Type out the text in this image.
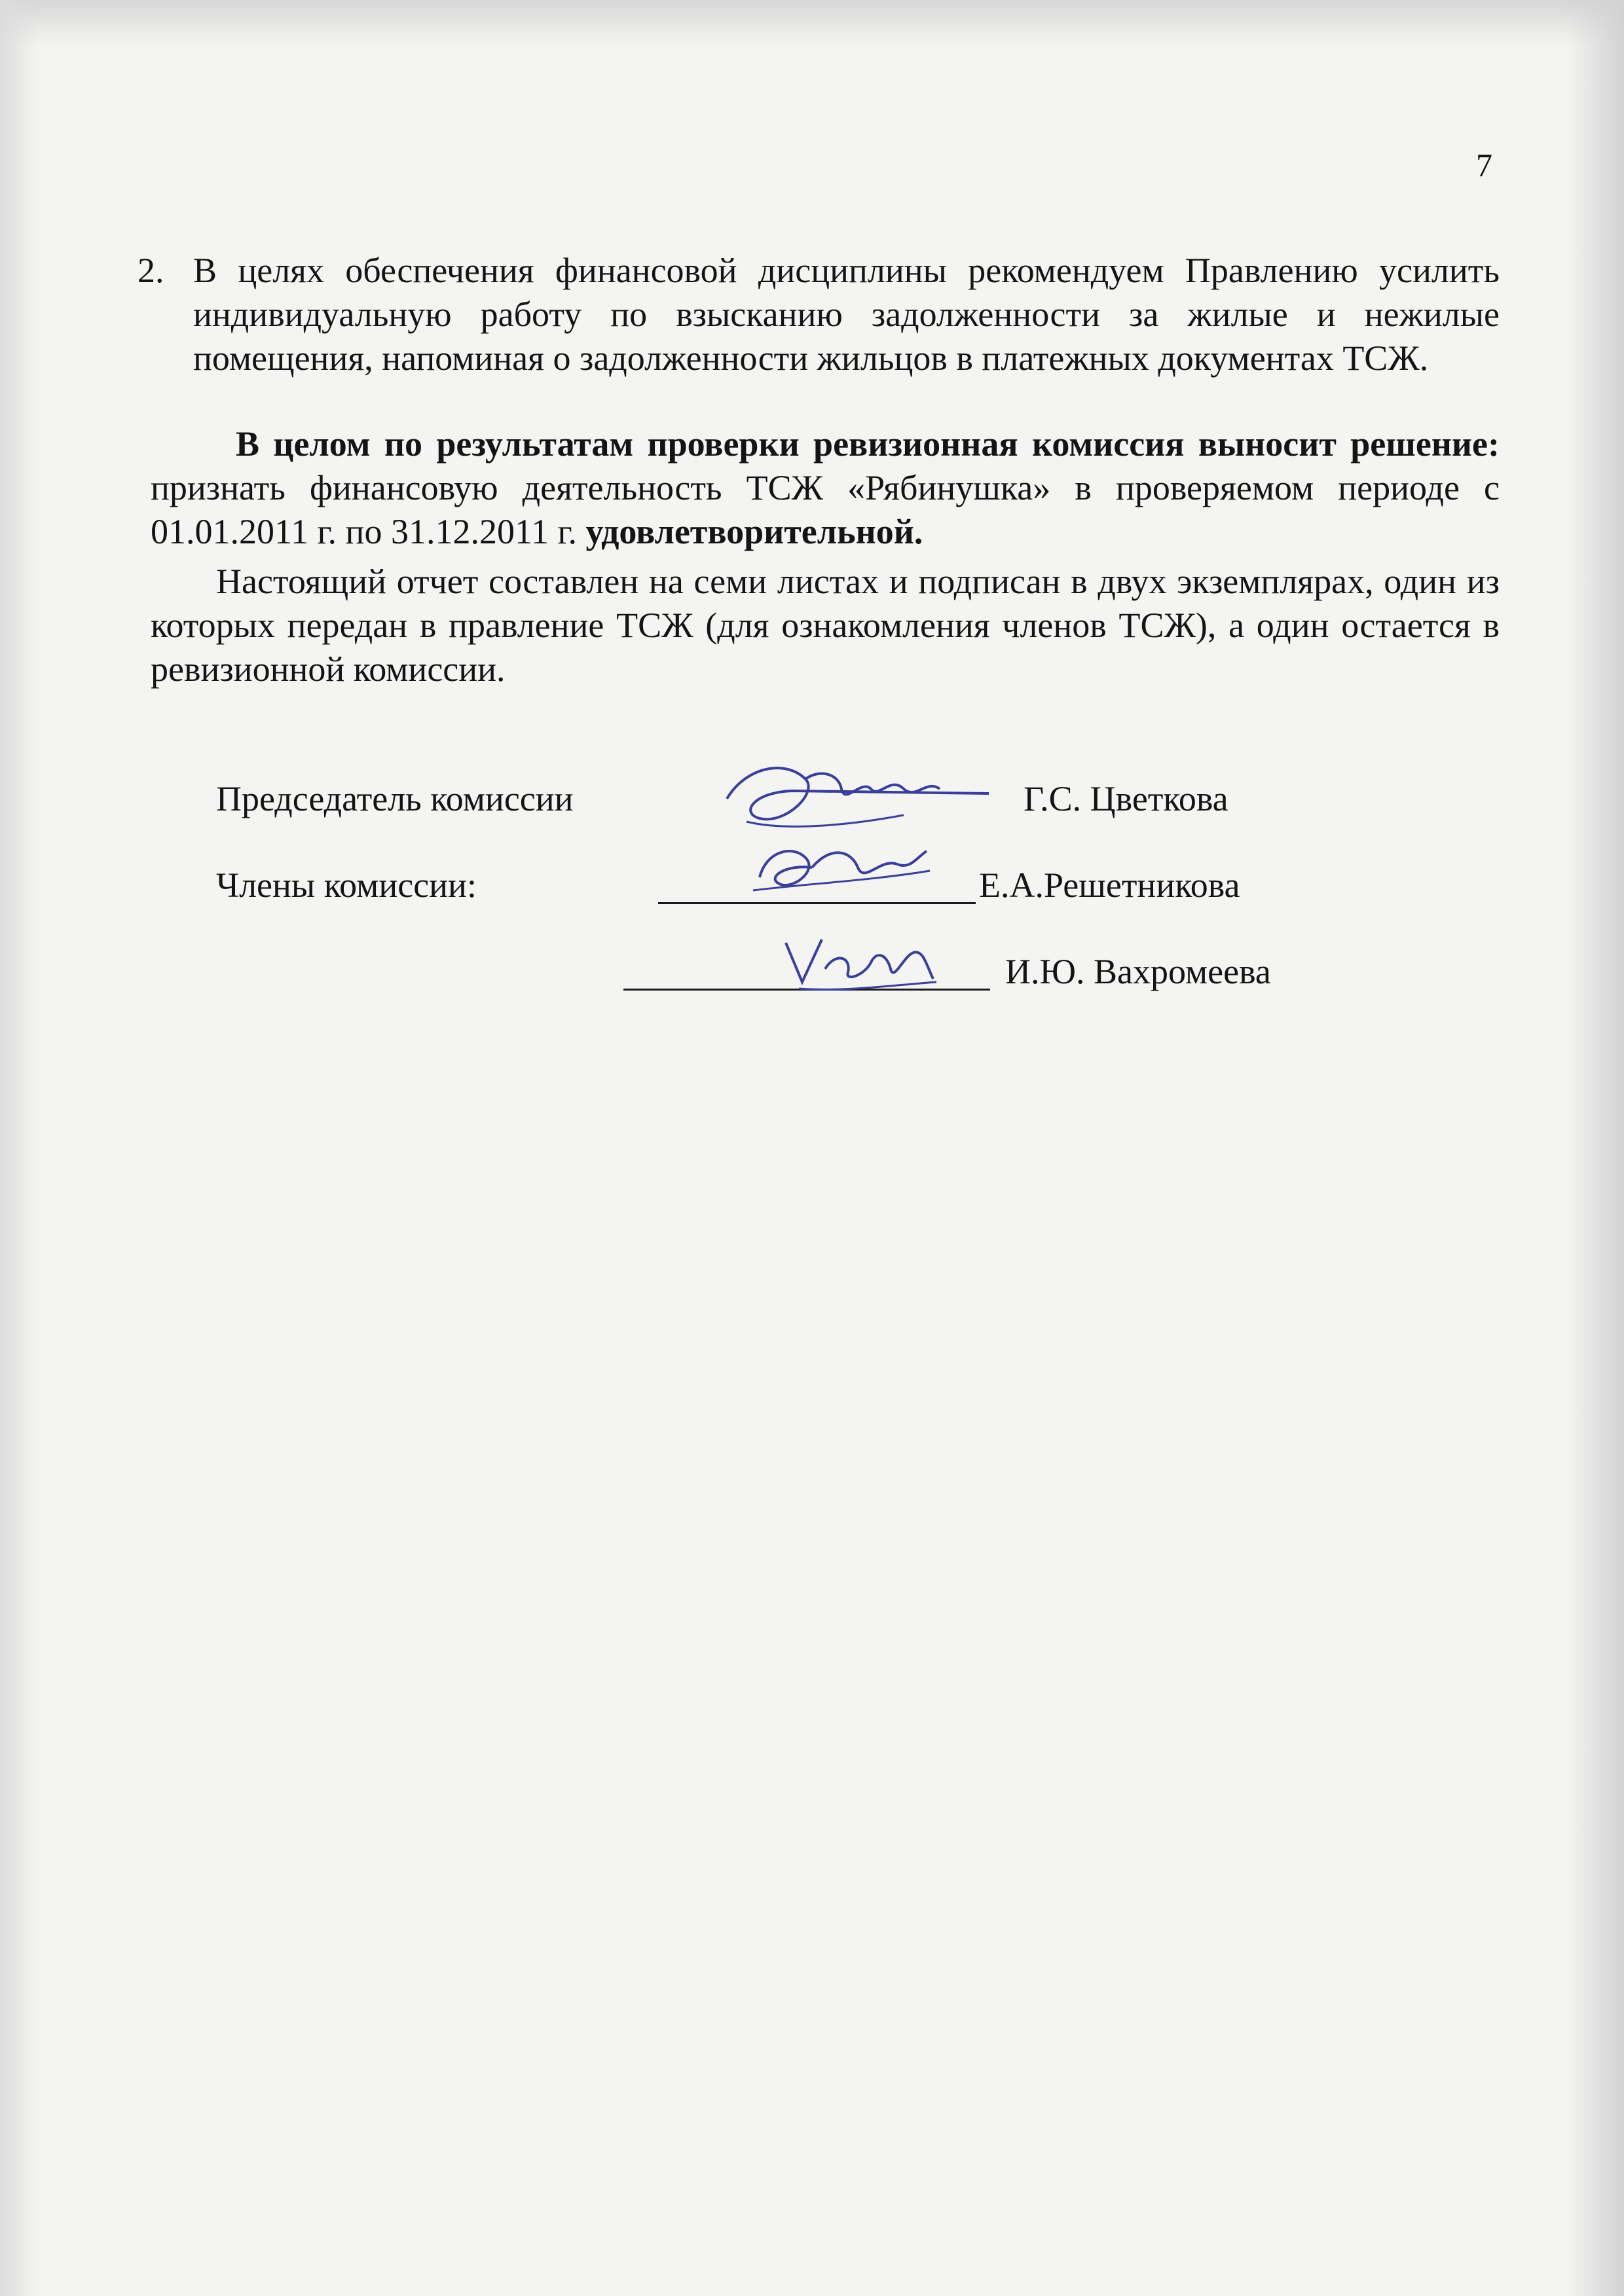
7
2. В целях обеспечения финансовой дисциплины рекомендуем Правлению усилить индивидуальную работу по взысканию задолженности за жилые и нежилые помещения, напоминая о задолженности жильцов в платежных документах ТСЖ.
В целом по результатам проверки ревизионная комиссия выносит решение: признать финансовую деятельность ТСЖ «Рябинушка» в проверяемом периоде с 01.01.2011 г. по 31.12.2011 г. удовлетворительной.
Настоящий отчет составлен на семи листах и подписан в двух экземплярах, один из которых передан в правление ТСЖ (для ознакомления членов ТСЖ), а один остается в ревизионной комиссии.
Председатель комиссии	Г.С. Цветкова
Члены комиссии:	Е.А.Решетникова
И.Ю. Вахромеева
